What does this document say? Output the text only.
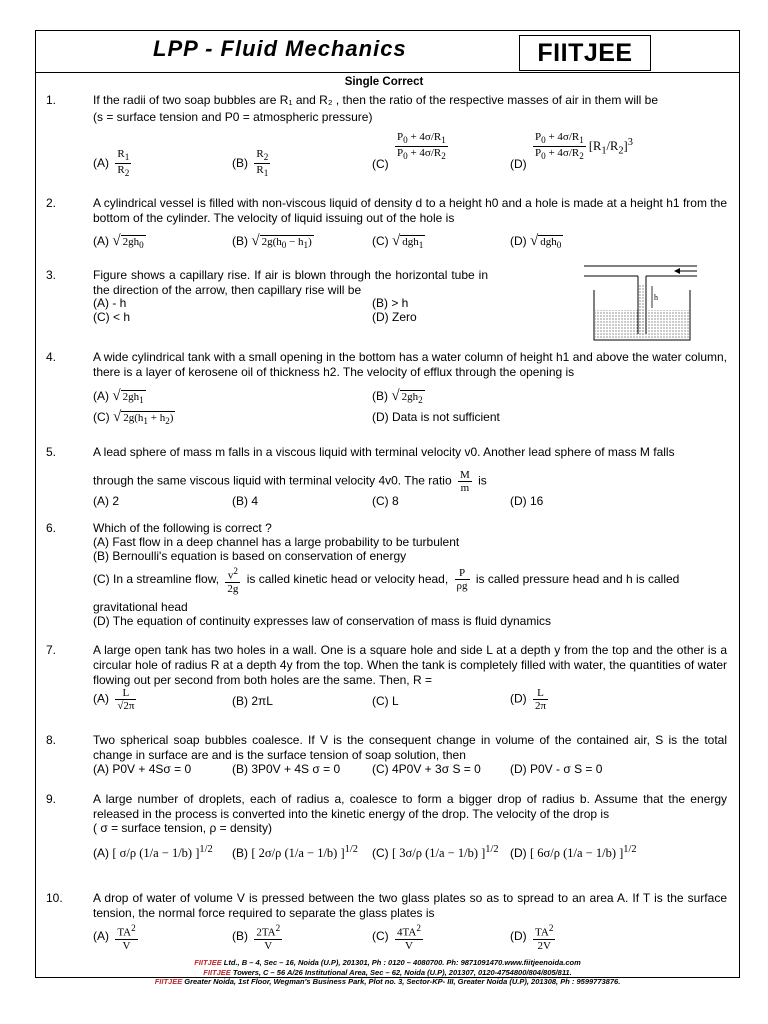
LPP - Fluid Mechanics	FIITJEE
Single Correct
1.	If the radii of two soap bubbles are R₁ and R₂ , then the ratio of the respective masses of air in them will be
(s = surface tension and P0 = atmospheric pressure)
$(A) \frac{R_1}{R_2}$	$(B) \frac{R_2}{R_1}$	(C)
$\frac{P_0 + 4\sigma/R_1}{P_0 + 4\sigma/R_2}$
(D)
$\frac{P_0 + 4\sigma/R_1}{P_0 + 4\sigma/R_2} [R_1/R_2]^3$
2.	A cylindrical vessel is filled with non-viscous liquid of density d to a height h0 and a hole is made at a height h1 from the bottom of the cylinder. The velocity of liquid issuing out of the hole is
(A) √ $2gh_0$	(B) √ $2g(h_0 - h_1)$	(C) √ dgh$_1$	(D) √ dgh$_0$
3.	Figure shows a capillary rise. If air is blown through the horizontal tube in the direction of the arrow, then capillary rise will be
(A) - h	(B) > h
(C) < h	(D) Zero
h
4.	A wide cylindrical tank with a small opening in the bottom has a water column of height h1 and above the water column, there is a layer of kerosene oil of thickness h2. The velocity of efflux through the opening is
(A) √ $2gh_1$	(B) √ $2gh_2$
(C) √ $2g(h_1 + h_2)$	(D) Data is not sufficient
5.	A lead sphere of mass m falls in a viscous liquid with terminal velocity v0. Another lead sphere of mass M falls
through the same viscous liquid with terminal velocity 4v0. The ratio $\frac{M}{m}$ is
(A) 2	(B) 4	(C) 8	(D) 16
6.	Which of the following is correct ?
(A) Fast flow in a deep channel has a large probability to be turbulent
(B) Bernoulli's equation is based on conservation of energy
(C) In a streamline flow, $\frac{v^2}{2g}$ is called kinetic head or velocity head, $\frac{P}{\rho g}$ is called pressure head and h is called
gravitational head
(D) The equation of continuity expresses law of conservation of mass is fluid dynamics
7.	A large open tank has two holes in a wall. One is a square hole and side L at a depth y from the top and the other is a circular hole of radius R at a depth 4y from the top. When the tank is completely filled with water, the quantities of water flowing out per second from both holes are the same. Then, R =
$(A) \frac{L}{√2\pi}$	(B) 2πL	(C) L	$(D) \frac{L}{2\pi}$
8.	Two spherical soap bubbles coalesce. If V is the consequent change in volume of the contained air, S is the total change in surface are and is the surface tension of soap solution, then
(A) P0V + 4Sσ = 0	(B) 3P0V + 4S σ = 0	(C) 4P0V + 3σ S = 0 (D) P0V - σ S = 0
9.	A large number of droplets, each of radius a, coalesce to form a bigger drop of radius b. Assume that the energy released in the process is converted into the kinetic energy of the drop. The velocity of the drop is
( σ = surface tension, ρ = density)
(A) [ σ/ρ (1/a − 1/b) ]$^{1/2}$ (B) [ 2σ/ρ (1/a − 1/b) ]$^{1/2}$ (C) [ 3σ/ρ (1/a − 1/b) ]$^{1/2}$ (D) [ 6σ/ρ (1/a − 1/b) ]$^{1/2}$
10.	A drop of water of volume V is pressed between the two glass plates so as to spread to an area A. If T is the surface tension, the normal force required to separate the glass plates is
$(A) \frac{TA^2}{V}$	$(B) \frac{2TA^2}{V}$	$(C) \frac{4TA^2}{V}$	$(D) \frac{TA^2}{2V}$
FIITJEE Ltd., B – 4, Sec – 16, Noida (U.P), 201301, Ph : 0120 – 4080700. Ph: 9871091470.www.fiitjeenoida.com
FIITJEE Towers, C – 56 A/26 Institutional Area, Sec – 62, Noida (U.P), 201307, 0120-4754800/804/805/811.
FIITJEE Greater Noida, 1st Floor, Wegman's Business Park, Plot no. 3, Sector-KP- III, Greater Noida (U.P), 201308, Ph : 9599773876.
